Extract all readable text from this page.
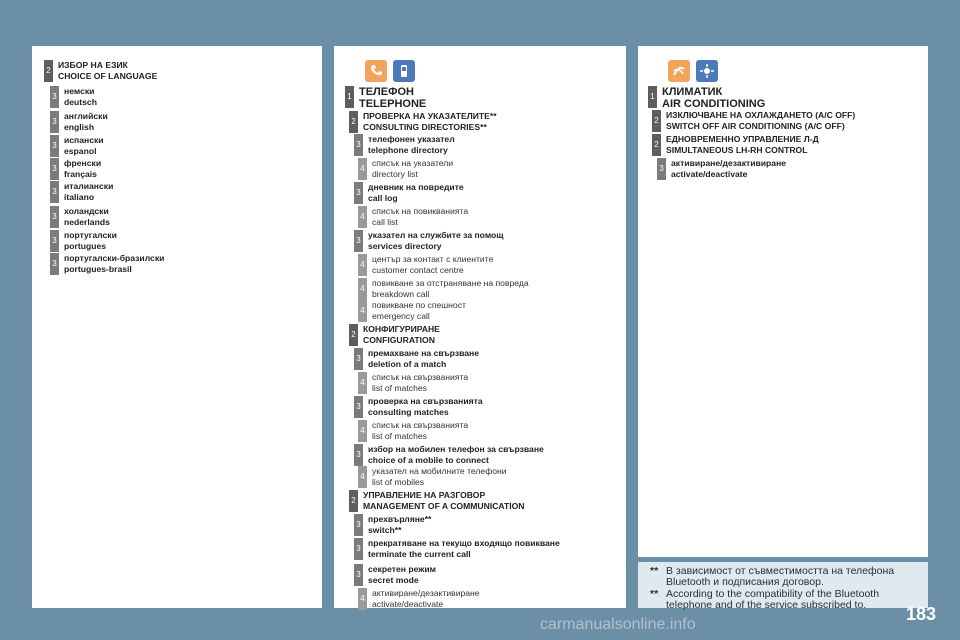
2
ИЗБОР НА ЕЗИК
CHOICE OF LANGUAGE
3
немски
deutsch
3
английски
english
3
испански
espanol
3
френски
français
3
италиански
italiano
3
холандски
nederlands
3
португалски
portugues
3
португалски-бразилски
portugues-brasil
1 ТЕЛЕФОН
TELEPHONE
2
ПРОВЕРКА НА УКАЗАТЕЛИТЕ**
CONSULTING DIRECTORIES**
3
телефонен указател
telephone directory
4
списък на указатели
directory list
3
дневник на повредите
call log
4
списък на повикванията
call list
3
указател на службите за помощ
services directory
4
център за контакт с клиентите
customer contact centre
4
повикване за отстраняване на повреда
breakdown call
4
повикване по спешност
emergency call
2
КОНФИГУРИРАНЕ
CONFIGURATION
3
премахване на свързване
deletion of a match
4
списък на свързванията
list of matches
3
проверка на свързванията
consulting matches
4
списък на свързванията
list of matches
3
избор на мобилен телефон за свързване
choice of a mobile to connect
4
указател на мобилните телефони
list of mobiles
2
УПРАВЛЕНИЕ НА РАЗГОВОР
MANAGEMENT OF A COMMUNICATION
3
прехвърляне**
switch**
3
прекратяване на текущо входящо повикване
terminate the current call
3
секретен режим
secret mode
4
активиране/дезактивиране
activate/deactivate
1 КЛИМАТИК
AIR CONDITIONING
2
ИЗКЛЮЧВАНЕ НА ОХЛАЖДАНЕТО (A/C OFF)
SWITCH OFF AIR CONDITIONING (A/C OFF)
2
ЕДНОВРЕМЕННО УПРАВЛЕНИЕ Л-Д
SIMULTANEOUS LH-RH CONTROL
3
активиране/дезактивиране
activate/deactivate
** В зависимост от съвместимостта на телефона Bluetooth и подписания договор.
** According to the compatibility of the Bluetooth telephone and of the service subscribed to.	183
carmanualsonline.info
